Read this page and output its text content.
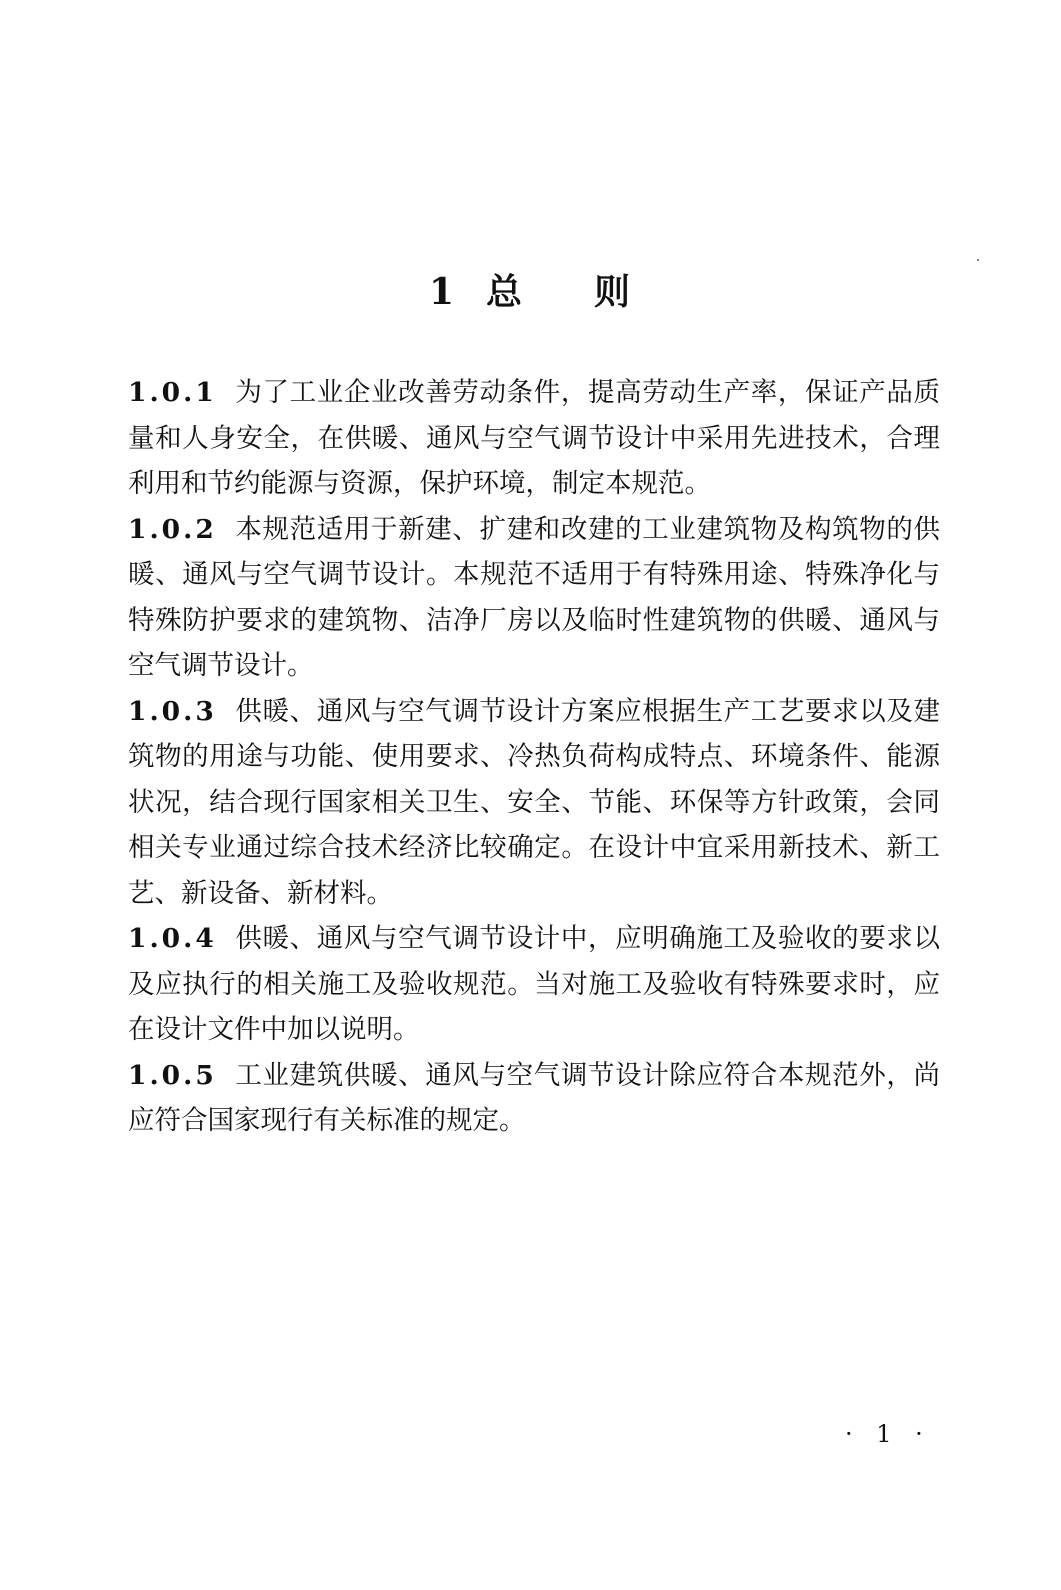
1 总 则

1.0.1 为了工业企业改善劳动条件，提高劳动生产率，保证产品质量和人身安全，在供暖、通风与空气调节设计中采用先进技术，合理利用和节约能源与资源，保护环境，制定本规范。

1.0.2 本规范适用于新建、扩建和改建的工业建筑物及构筑物的供暖、通风与空气调节设计。本规范不适用于有特殊用途、特殊净化与特殊防护要求的建筑物、洁净厂房以及临时性建筑物的供暖、通风与空气调节设计。

1.0.3 供暖、通风与空气调节设计方案应根据生产工艺要求以及建筑物的用途与功能、使用要求、冷热负荷构成特点、环境条件、能源状况，结合现行国家相关卫生、安全、节能、环保等方针政策，会同相关专业通过综合技术经济比较确定。在设计中宜采用新技术、新工艺、新设备、新材料。

1.0.4 供暖、通风与空气调节设计中，应明确施工及验收的要求以及应执行的相关施工及验收规范。当对施工及验收有特殊要求时，应在设计文件中加以说明。

1.0.5 工业建筑供暖、通风与空气调节设计除应符合本规范外，尚应符合国家现行有关标准的规定。

· 1 ·
